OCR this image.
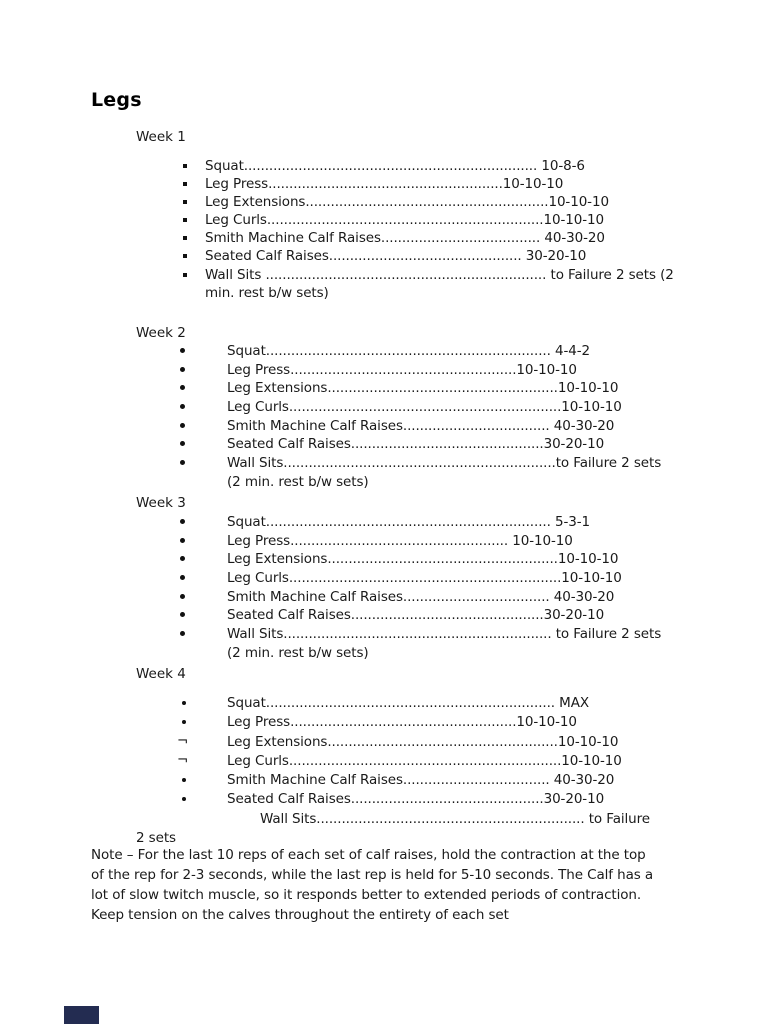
Legs
Week 1
Squat...................................................................... 10-8-6
Leg Press........................................................10-10-10
Leg Extensions..........................................................10-10-10
Leg Curls..................................................................10-10-10
Smith Machine Calf Raises...................................... 40-30-20
Seated Calf Raises.............................................. 30-20-10
Wall Sits ................................................................... to Failure 2 sets (2
min. rest b/w sets)
Week 2
Squat.................................................................... 4-4-2
Leg Press......................................................10-10-10
Leg Extensions.......................................................10-10-10
Leg Curls.................................................................10-10-10
Smith Machine Calf Raises................................... 40-30-20
Seated Calf Raises..............................................30-20-10
Wall Sits.................................................................to Failure 2 sets
(2 min. rest b/w sets)
Week 3
Squat.................................................................... 5-3-1
Leg Press.................................................... 10-10-10
Leg Extensions.......................................................10-10-10
Leg Curls.................................................................10-10-10
Smith Machine Calf Raises................................... 40-30-20
Seated Calf Raises..............................................30-20-10
Wall Sits................................................................ to Failure 2 sets
(2 min. rest b/w sets)
Week 4
Squat..................................................................... MAX
Leg Press......................................................10-10-10
¬	Leg Extensions.......................................................10-10-10
¬	Leg Curls.................................................................10-10-10
Smith Machine Calf Raises................................... 40-30-20
Seated Calf Raises..............................................30-20-10
Wall Sits................................................................ to Failure
2 sets
Note – For the last 10 reps of each set of calf raises, hold the contraction at the top
of the rep for 2-3 seconds, while the last rep is held for 5-10 seconds. The Calf has a
lot of slow twitch muscle, so it responds better to extended periods of contraction.
Keep tension on the calves throughout the entirety of each set
